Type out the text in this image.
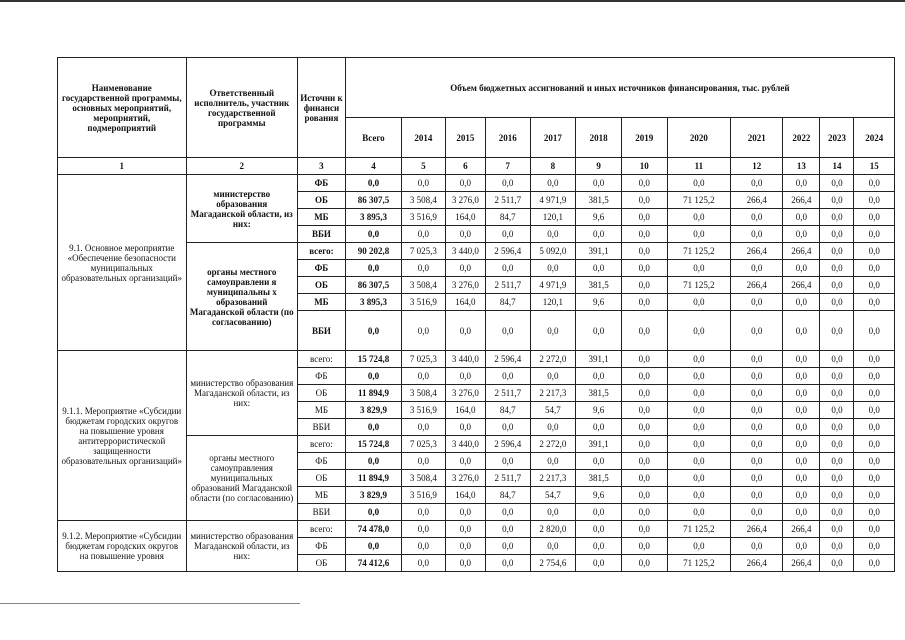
Наименование государственной программы, основных мероприятий, мероприятий, подмероприятий	Ответственный исполнитель, участник государственной программы	Источни к финанси рования	Объем бюджетных ассигнований и иных источников финансирования, тыс. рублей											
			Всего	2014	2015	2016	2017	2018	2019	2020	2021	2022	2023	2024
1	2	3	4	5	6	7	8	9	10	11	12	13	14	15
9.1. Основное мероприятие «Обеспечение безопасности муниципальных образовательных организаций»	министерство образования Магаданской области, из них:	ФБ	0,0	0,0	0,0	0,0	0,0	0,0	0,0	0,0	0,0	0,0	0,0	0,0
		ОБ	86 307,5	3 508,4	3 276,0	2 511,7	4 971,9	381,5	0,0	71 125,2	266,4	266,4	0,0	0,0
		МБ	3 895,3	3 516,9	164,0	84,7	120,1	9,6	0,0	0,0	0,0	0,0	0,0	0,0
		ВБИ	0,0	0,0	0,0	0,0	0,0	0,0	0,0	0,0	0,0	0,0	0,0	0,0
	органы местного самоуправлени я муниципальны х образований Магаданской области (по согласованию)	всего:	90 202,8	7 025,3	3 440,0	2 596,4	5 092,0	391,1	0,0	71 125,2	266,4	266,4	0,0	0,0
		ФБ	0,0	0,0	0,0	0,0	0,0	0,0	0,0	0,0	0,0	0,0	0,0	0,0
		ОБ	86 307,5	3 508,4	3 276,0	2 511,7	4 971,9	381,5	0,0	71 125,2	266,4	266,4	0,0	0,0
		МБ	3 895,3	3 516,9	164,0	84,7	120,1	9,6	0,0	0,0	0,0	0,0	0,0	0,0
		ВБИ	0,0	0,0	0,0	0,0	0,0	0,0	0,0	0,0	0,0	0,0	0,0	0,0
9.1.1. Мероприятие «Субсидии бюджетам городских округов на повышение уровня антитеррористической защищенности образовательных организаций»	министерство образования Магаданской области, из них:	всего:	15 724,8	7 025,3	3 440,0	2 596,4	2 272,0	391,1	0,0	0,0	0,0	0,0	0,0	0,0
		ФБ	0,0	0,0	0,0	0,0	0,0	0,0	0,0	0,0	0,0	0,0	0,0	0,0
		ОБ	11 894,9	3 508,4	3 276,0	2 511,7	2 217,3	381,5	0,0	0,0	0,0	0,0	0,0	0,0
		МБ	3 829,9	3 516,9	164,0	84,7	54,7	9,6	0,0	0,0	0,0	0,0	0,0	0,0
		ВБИ	0,0	0,0	0,0	0,0	0,0	0,0	0,0	0,0	0,0	0,0	0,0	0,0
	органы местного самоуправления муниципальных образований Магаданской области (по согласованию)	всего:	15 724,8	7 025,3	3 440,0	2 596,4	2 272,0	391,1	0,0	0,0	0,0	0,0	0,0	0,0
		ФБ	0,0	0,0	0,0	0,0	0,0	0,0	0,0	0,0	0,0	0,0	0,0	0,0
		ОБ	11 894,9	3 508,4	3 276,0	2 511,7	2 217,3	381,5	0,0	0,0	0,0	0,0	0,0	0,0
		МБ	3 829,9	3 516,9	164,0	84,7	54,7	9,6	0,0	0,0	0,0	0,0	0,0	0,0
		ВБИ	0,0	0,0	0,0	0,0	0,0	0,0	0,0	0,0	0,0	0,0	0,0	0,0
9.1.2. Мероприятие «Субсидии бюджетам городских округов на повышение уровня	министерство образования Магаданской области, из них:	всего:	74 478,0	0,0	0,0	0,0	2 820,0	0,0	0,0	71 125,2	266,4	266,4	0,0	0,0
		ФБ	0,0	0,0	0,0	0,0	0,0	0,0	0,0	0,0	0,0	0,0	0,0	0,0
		ОБ	74 412,6	0,0	0,0	0,0	2 754,6	0,0	0,0	71 125,2	266,4	266,4	0,0	0,0
